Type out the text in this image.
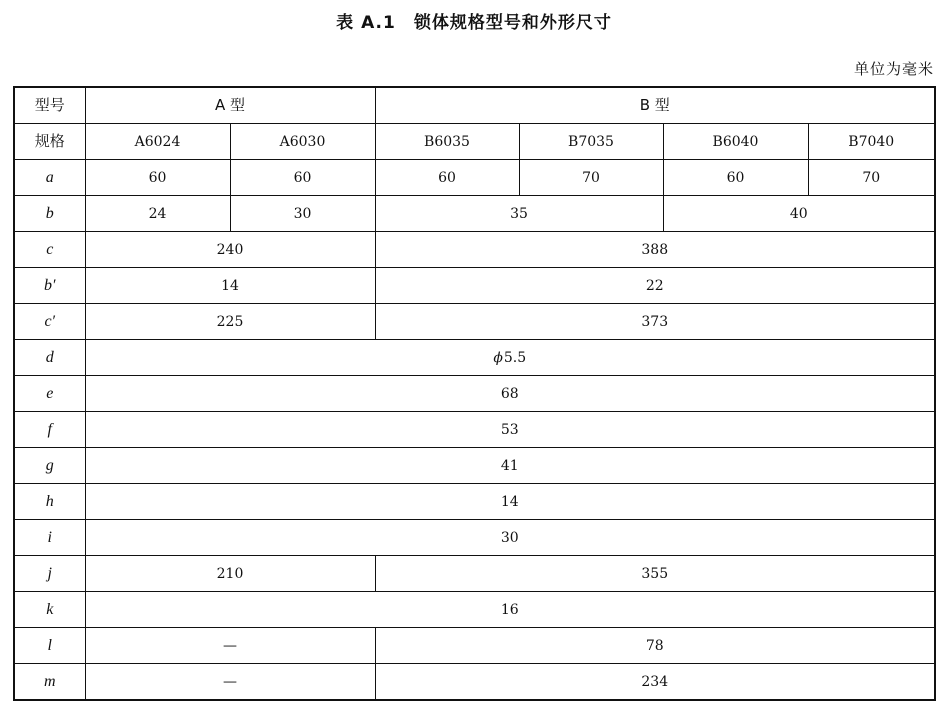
表 A.1 锁体规格型号和外形尺寸
单位为毫米
型号	A 型		B 型			
规格	A6024	A6030	B6035	B7035	B6040	B7040
a	60	60	60	70	60	70
b	24	30	35		40	
c	240		388			
b′	14		22			
c′	225		373			
d	ϕ5.5					
e	68					
f	53					
g	41					
h	14					
i	30					
j	210		355			
k	16					
l	—		78			
m	—		234			
